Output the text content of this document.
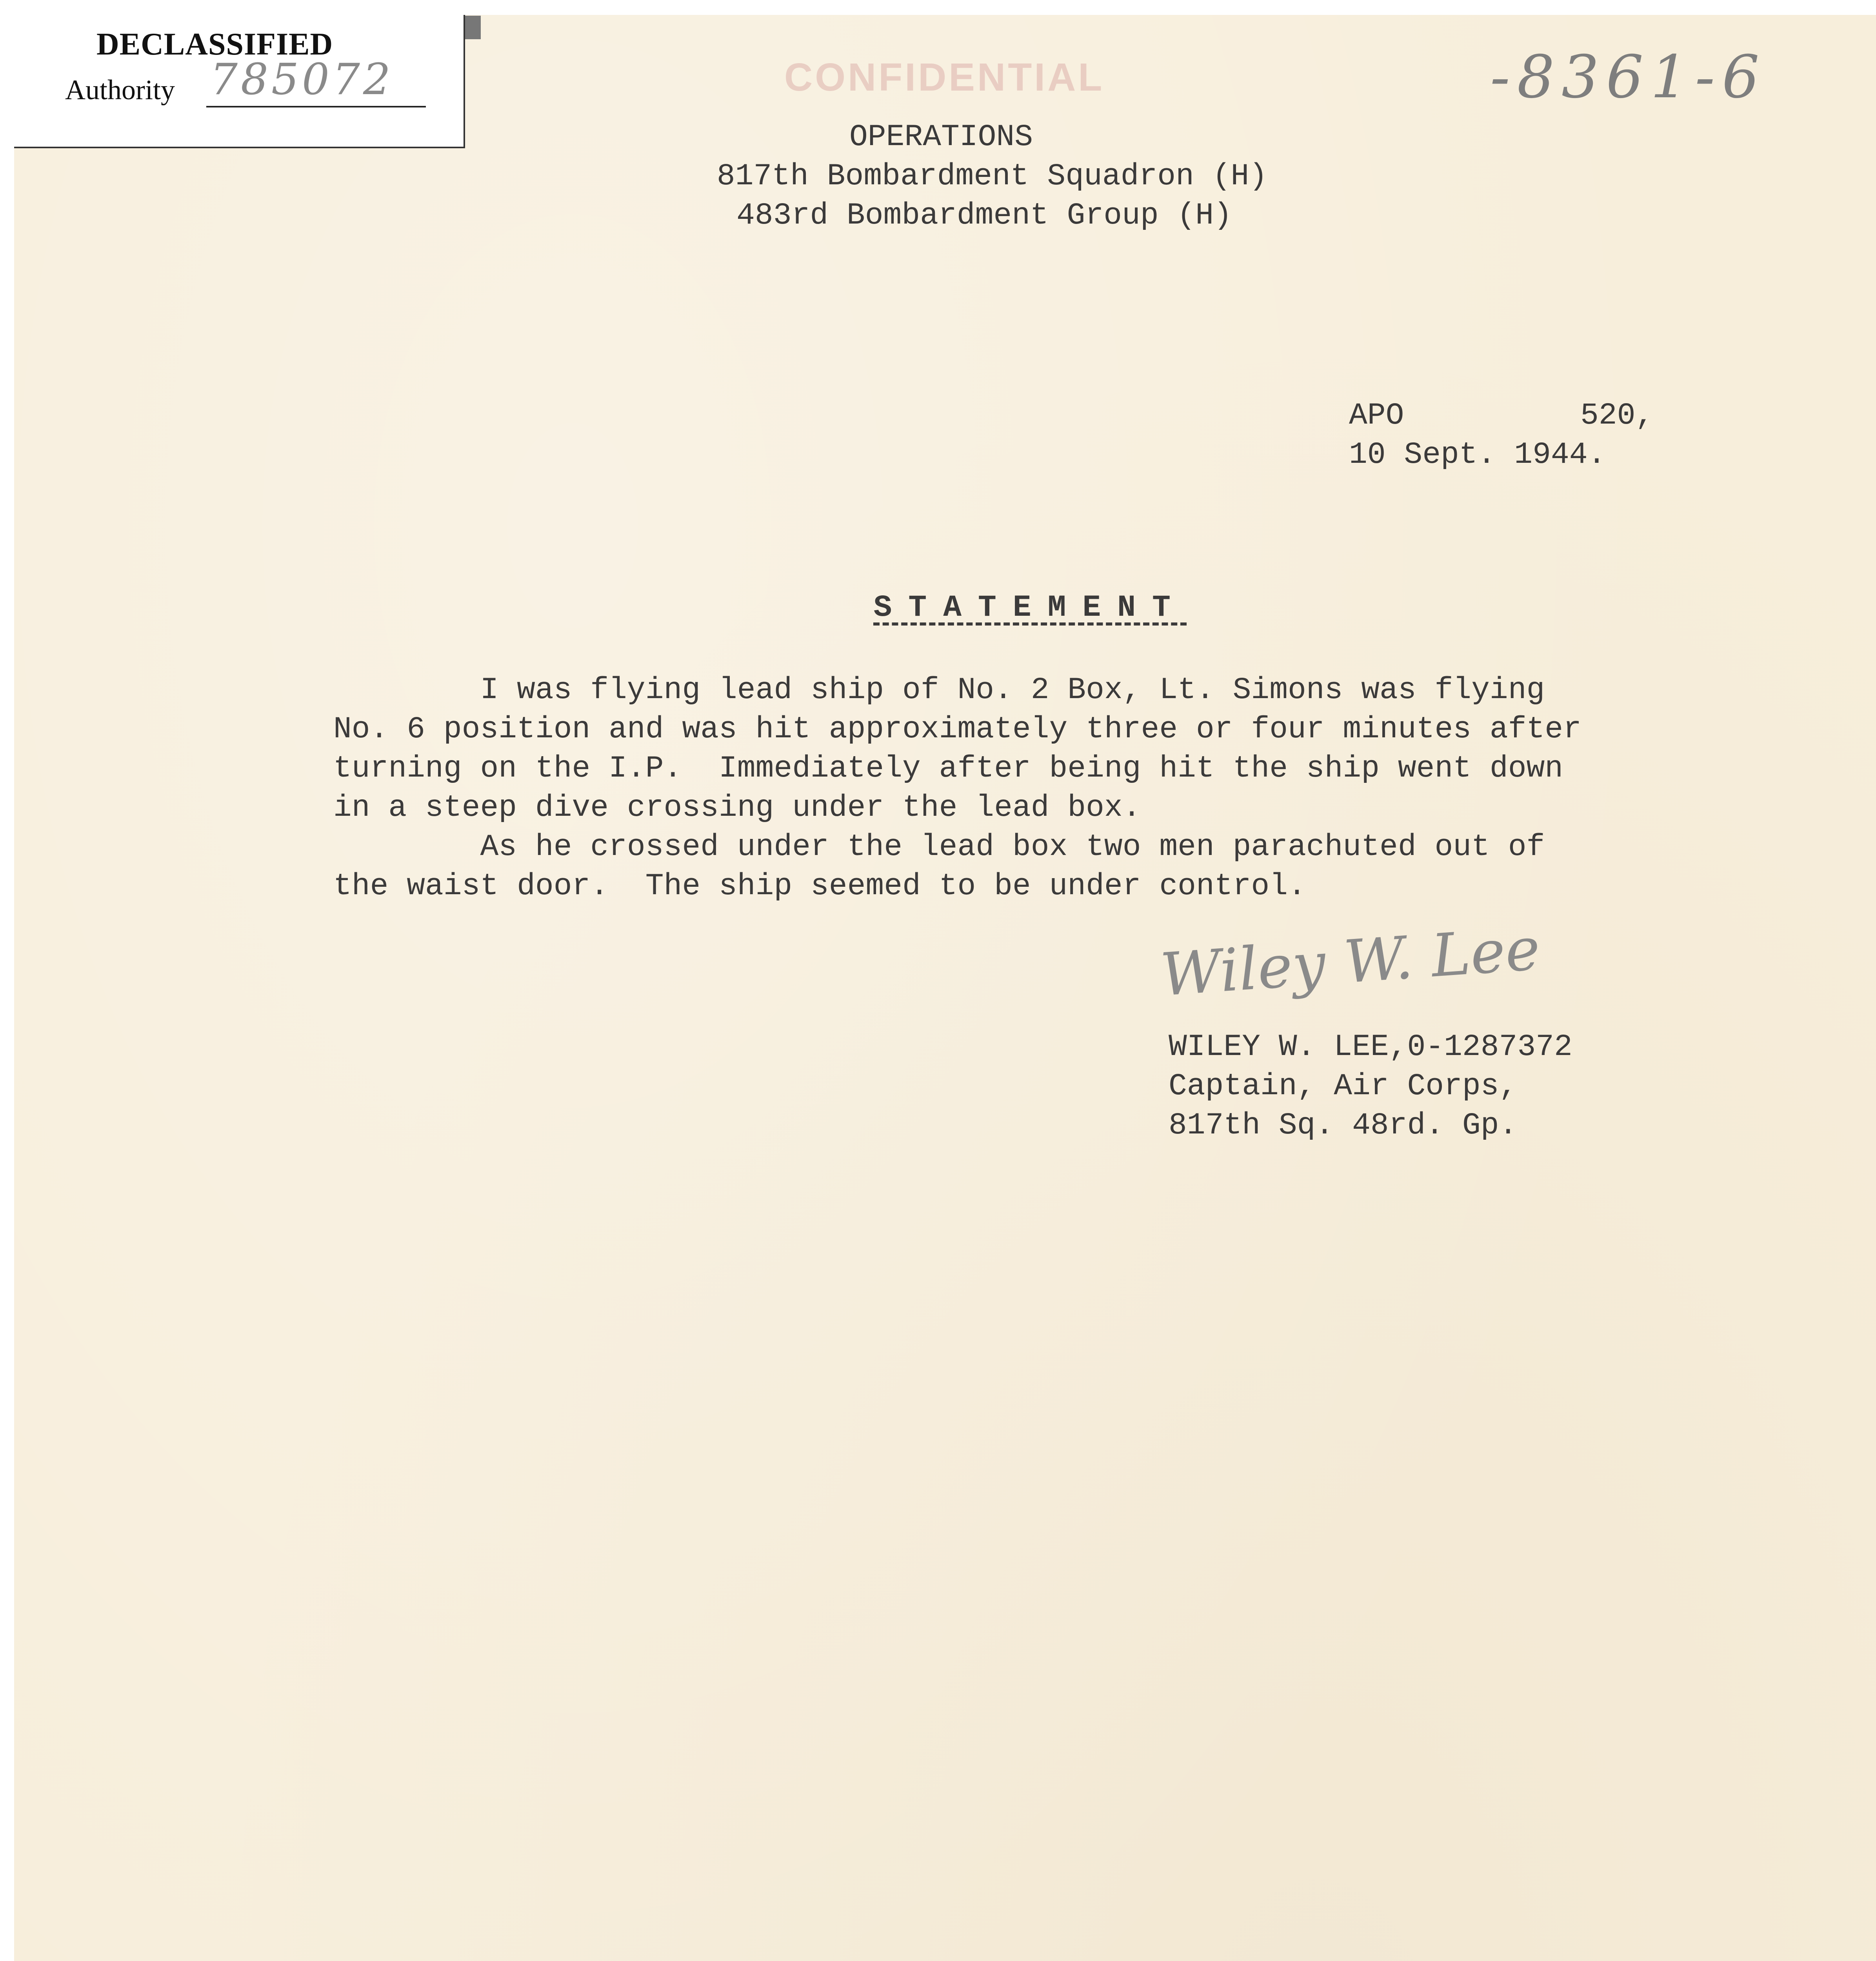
DECLASSIFIED
Authority 785072	-8361-6
CONFIDENTIAL
OPERATIONS
817th Bombardment Squadron (H)
483rd Bombardment Group (H)
APO	520,
10 Sept. 1944.

STATEMENT

I was flying lead ship of No. 2 Box, Lt. Simons was flying
No. 6 position and was hit approximately three or four minutes after
turning on the I.P.  Immediately after being hit the ship went down
in a steep dive crossing under the lead box.
As he crossed under the lead box two men parachuted out of
the waist door.  The ship seemed to be under control.
Wiley W. Lee
WILEY W. LEE,0-1287372
Captain, Air Corps,
817th Sq. 48rd. Gp.
